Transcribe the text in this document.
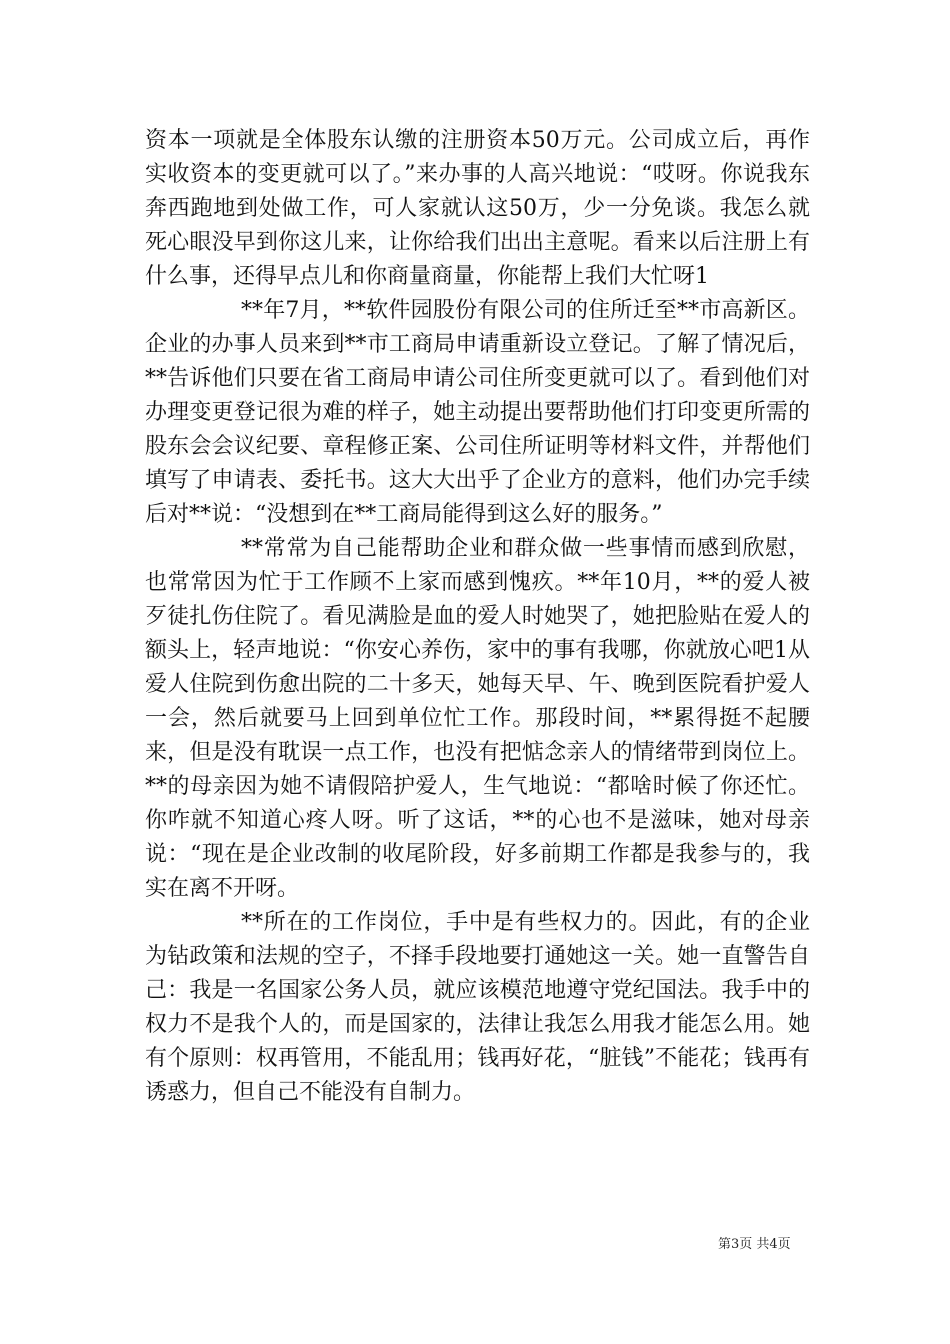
资本一项就是全体股东认缴的注册资本50万元。公司成立后，再作实收资本的变更就可以了。”来办事的人高兴地说：“哎呀。你说我东奔西跑地到处做工作，可人家就认这50万，少一分免谈。我怎么就死心眼没早到你这儿来，让你给我们出出主意呢。看来以后注册上有什么事，还得早点儿和你商量商量，你能帮上我们大忙呀1

**年7月，**软件园股份有限公司的住所迁至**市高新区。企业的办事人员来到**市工商局申请重新设立登记。了解了情况后，**告诉他们只要在省工商局申请公司住所变更就可以了。看到他们对办理变更登记很为难的样子，她主动提出要帮助他们打印变更所需的股东会会议纪要、章程修正案、公司住所证明等材料文件，并帮他们填写了申请表、委托书。这大大出乎了企业方的意料，他们办完手续后对**说：“没想到在**工商局能得到这么好的服务。”

**常常为自己能帮助企业和群众做一些事情而感到欣慰，也常常因为忙于工作顾不上家而感到愧疚。**年10月，**的爱人被歹徒扎伤住院了。看见满脸是血的爱人时她哭了，她把脸贴在爱人的额头上，轻声地说：“你安心养伤，家中的事有我哪，你就放心吧1从爱人住院到伤愈出院的二十多天，她每天早、午、晚到医院看护爱人一会，然后就要马上回到单位忙工作。那段时间，**累得挺不起腰来，但是没有耽误一点工作，也没有把惦念亲人的情绪带到岗位上。**的母亲因为她不请假陪护爱人，生气地说：“都啥时候了你还忙。你咋就不知道心疼人呀。听了这话，**的心也不是滋味，她对母亲说：“现在是企业改制的收尾阶段，好多前期工作都是我参与的，我实在离不开呀。

**所在的工作岗位，手中是有些权力的。因此，有的企业为钻政策和法规的空子，不择手段地要打通她这一关。她一直警告自己：我是一名国家公务人员，就应该模范地遵守党纪国法。我手中的权力不是我个人的，而是国家的，法律让我怎么用我才能怎么用。她有个原则：权再管用，不能乱用；钱再好花，“脏钱”不能花；钱再有诱惑力，但自己不能没有自制力。

第3页 共4页
